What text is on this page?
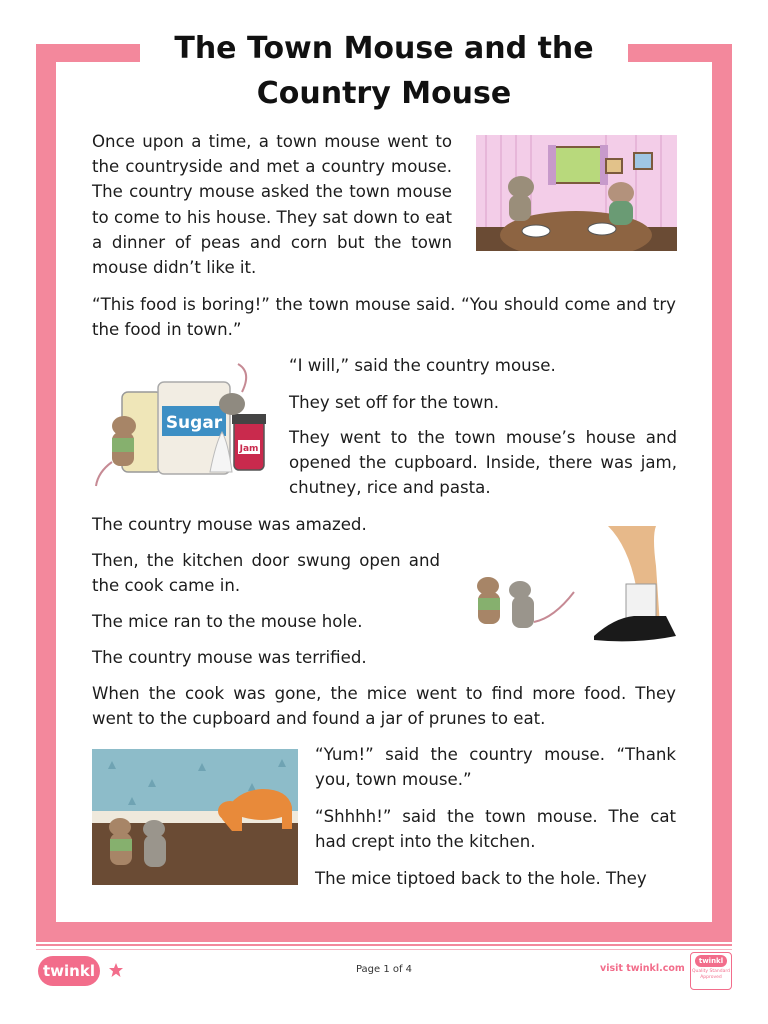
The Town Mouse and the
Country Mouse

Once upon a time, a town mouse went to the countryside and met a country mouse. The country mouse asked the town mouse to come to his house. They sat down to eat a dinner of peas and corn but the town mouse didn’t like it.

“This food is boring!” the town mouse said. “You should come and try the food in town.”

Sugar
Jam

“I will,” said the country mouse.

They set off for the town.

They went to the town mouse’s house and opened the cupboard. Inside, there was jam, chutney, rice and pasta.

The country mouse was amazed.

Then, the kitchen door swung open and the cook came in.

The mice ran to the mouse hole.

The country mouse was terrified.

When the cook was gone, the mice went to find more food. They went to the cupboard and found a jar of prunes to eat.

“Yum!” said the country mouse. “Thank you, town mouse.”

“Shhhh!” said the town mouse. The cat had crept into the kitchen.

The mice tiptoed back to the hole. They

twinkl	Page 1 of 4	visit twinkl.com
twinkl
Quality Standard Approved
